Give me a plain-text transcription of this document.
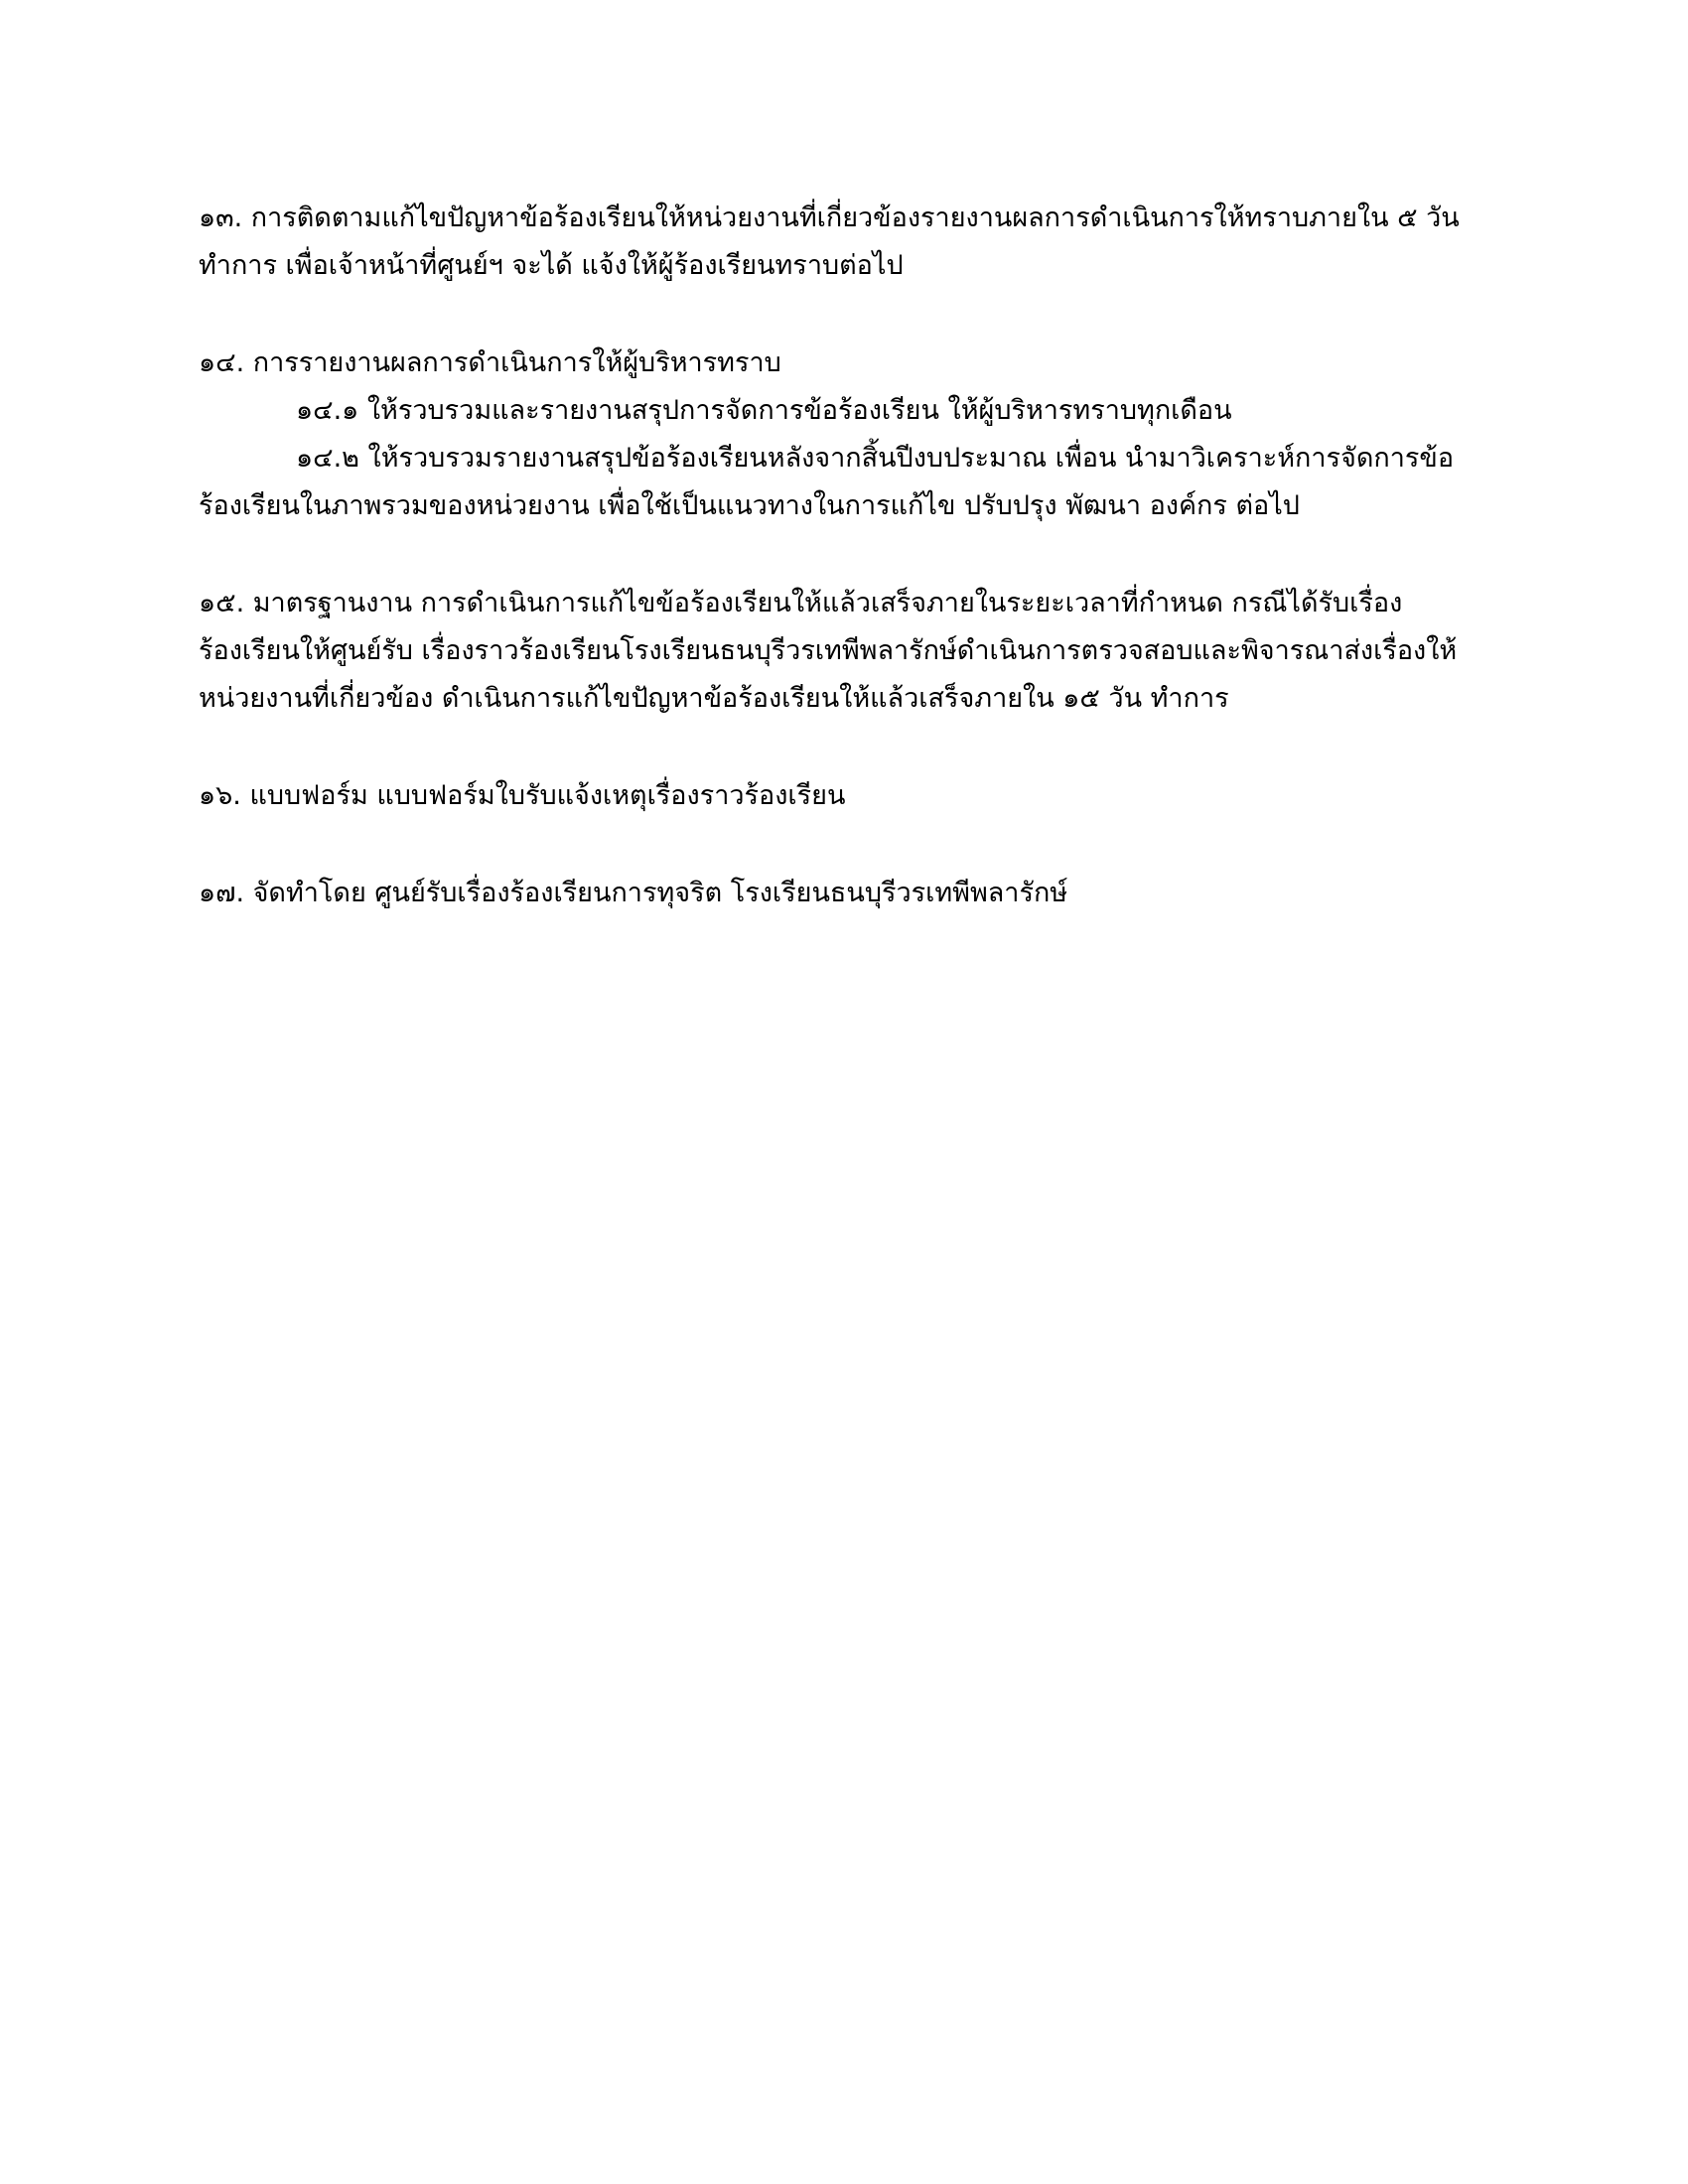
๑๓. การติดตามแก้ไขปัญหาข้อร้องเรียนให้หน่วยงานที่เกี่ยวข้องรายงานผลการดำเนินการให้ทราบภายใน ๕ วัน
ทำการ เพื่อเจ้าหน้าที่ศูนย์ฯ จะได้ แจ้งให้ผู้ร้องเรียนทราบต่อไป
๑๔. การรายงานผลการดำเนินการให้ผู้บริหารทราบ
๑๔.๑ ให้รวบรวมและรายงานสรุปการจัดการข้อร้องเรียน ให้ผู้บริหารทราบทุกเดือน
๑๔.๒ ให้รวบรวมรายงานสรุปข้อร้องเรียนหลังจากสิ้นปีงบประมาณ เพื่อน นำมาวิเคราะห์การจัดการข้อ
ร้องเรียนในภาพรวมของหน่วยงาน เพื่อใช้เป็นแนวทางในการแก้ไข ปรับปรุง พัฒนา องค์กร ต่อไป
๑๕. มาตรฐานงาน การดำเนินการแก้ไขข้อร้องเรียนให้แล้วเสร็จภายในระยะเวลาที่กำหนด กรณีได้รับเรื่อง
ร้องเรียนให้ศูนย์รับ เรื่องราวร้องเรียนโรงเรียนธนบุรีวรเทพีพลารักษ์ดำเนินการตรวจสอบและพิจารณาส่งเรื่องให้
หน่วยงานที่เกี่ยวข้อง ดำเนินการแก้ไขปัญหาข้อร้องเรียนให้แล้วเสร็จภายใน ๑๕ วัน ทำการ
๑๖. แบบฟอร์ม แบบฟอร์มใบรับแจ้งเหตุเรื่องราวร้องเรียน
๑๗. จัดทำโดย ศูนย์รับเรื่องร้องเรียนการทุจริต โรงเรียนธนบุรีวรเทพีพลารักษ์
